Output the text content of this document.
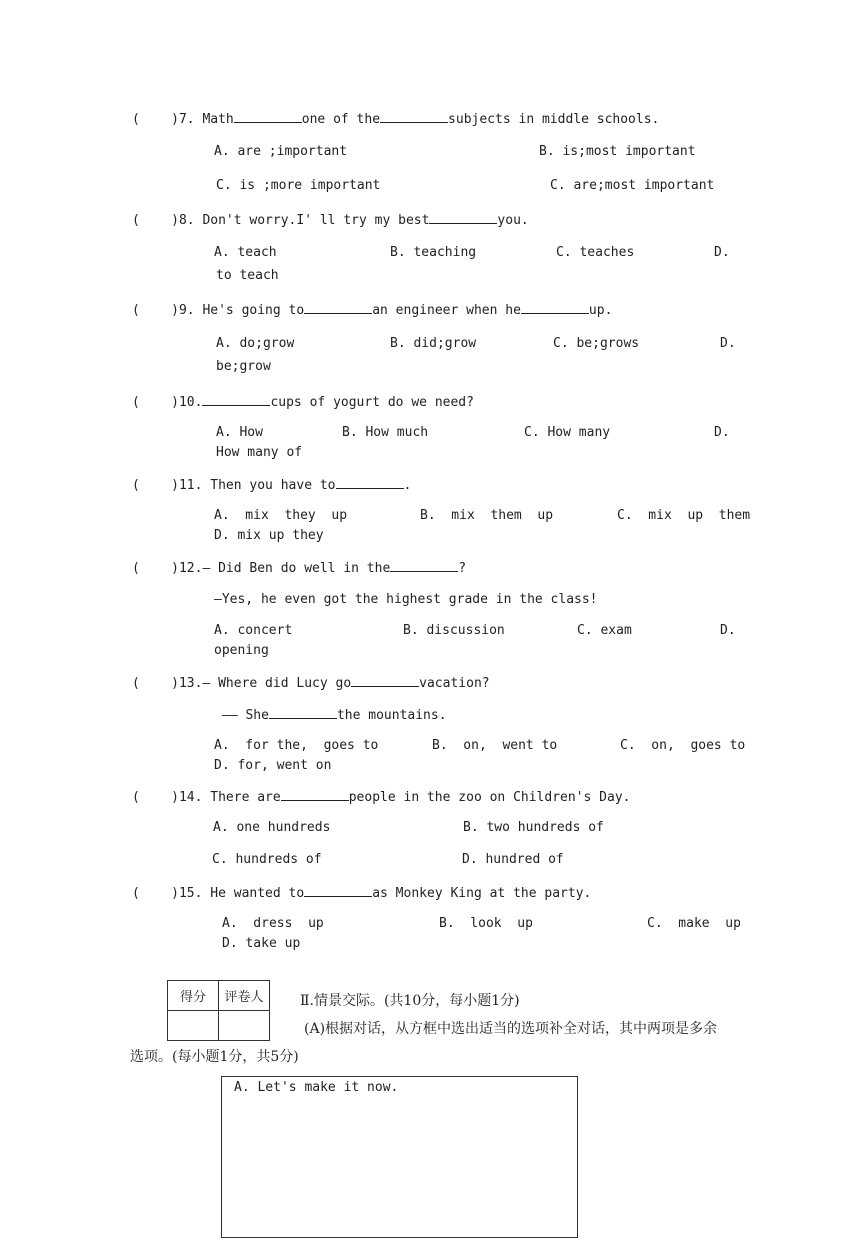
(    )7. Math	one of the	subjects in middle schools.
A. are ;important	B. is;most important
C. is ;more important	C. are;most important
(    )8. Don't worry.I' ll try my best	you.
A. teach	B. teaching	C. teaches	D.
to teach
(    )9. He's going to	an engineer when he	up.
A. do;grow	B. did;grow	C. be;grows	D.
be;grow
(    )10.	cups of yogurt do we need?
A. How	B. How much	C. How many	D.
How many of
(    )11. Then you have to	.
A.  mix  they  up	B.  mix  them  up	C.  mix  up  them
D. mix up they
(    )12.— Did Ben do well in the	?
—Yes, he even got the highest grade in the class!
A. concert	B. discussion	C. exam	D.
opening
(    )13.— Where did Lucy go	vacation?
—— She	the mountains.
A.  for the,  goes to	B.  on,  went to	C.  on,  goes to
D. for, went on
(    )14. There are	people in the zoo on Children's Day.
A. one hundreds	B. two hundreds of
C. hundreds of	D. hundred of
(    )15. He wanted to	as Monkey King at the party.
A.  dress  up	B.  look  up	C.  make  up
D. take up
得分	评卷人
		Ⅱ.情景交际。(共10分，每小题1分)
(A)根据对话，从方框中选出适当的选项补全对话，其中两项是多余
选项。(每小题1分，共5分)
A. Let's make it now.
